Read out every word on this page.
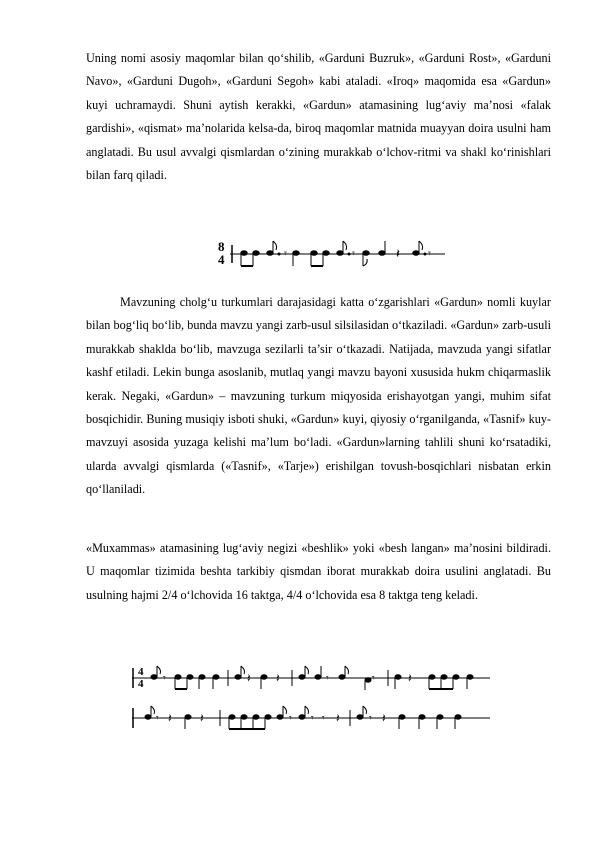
Uning nomi asosiy maqomlar bilan qoʻshilib, «Garduni Buzruk», «Garduni Rost», «Garduni Navo», «Garduni Dugoh», «Garduni Segoh» kabi ataladi. «Iroq» maqomida esa «Gardun» kuyi uchramaydi. Shuni aytish kerakki, «Gardun» atamasining lugʻaviy ma’nosi «falak gardishi», «qismat» ma’nolarida kelsa-da, biroq maqomlar matnida muayyan doira usulni ham anglatadi. Bu usul avvalgi qismlardan oʻzining murakkab oʻlchov-ritmi va shakl koʻrinishlari bilan farq qiladi.

8
4	𝄾	𝄾	𝄽	𝄾

Mavzuning cholgʻu turkumlari darajasidagi katta oʻzgarishlari «Gardun» nomli kuylar bilan bogʻliq boʻlib, bunda mavzu yangi zarb-usul silsilasidan oʻtkaziladi. «Gardun» zarb-usuli murakkab shaklda boʻlib, mavzuga sezilarli ta’sir oʻtkazadi. Natijada, mavzuda yangi sifatlar kashf etiladi. Lekin bunga asoslanib, mutlaq yangi mavzu bayoni xususida hukm chiqarmaslik kerak. Negaki, «Gardun» – mavzuning turkum miqyosida erishayotgan yangi, muhim sifat bosqichidir. Buning musiqiy isboti shuki, «Gardun» kuyi, qiyosiy oʻrganilganda, «Tasnif» kuy-mavzuyi asosida yuzaga kelishi ma’lum boʻladi. «Gardun»larning tahlili shuni koʻrsatadiki, ularda avvalgi qismlarda («Tasnif», «Tarje») erishilgan tovush-bosqichlari nisbatan erkin qoʻllaniladi.

«Muxammas» atamasining lugʻaviy negizi «beshlik» yoki «besh langan» ma’nosini bildiradi. U maqomlar tizimida beshta tarkibiy qismdan iborat murakkab doira usulini anglatadi. Bu usulning hajmi 2/4 oʻlchovida 16 taktga, 4/4 oʻlchovida esa 8 taktga teng keladi.

4
4 𝄾	𝄽 𝄽	𝄾	𝄾	𝄽
𝄾 𝄽 𝄽	𝄾 𝄾 𝄾 𝄽	𝄾 𝄽
